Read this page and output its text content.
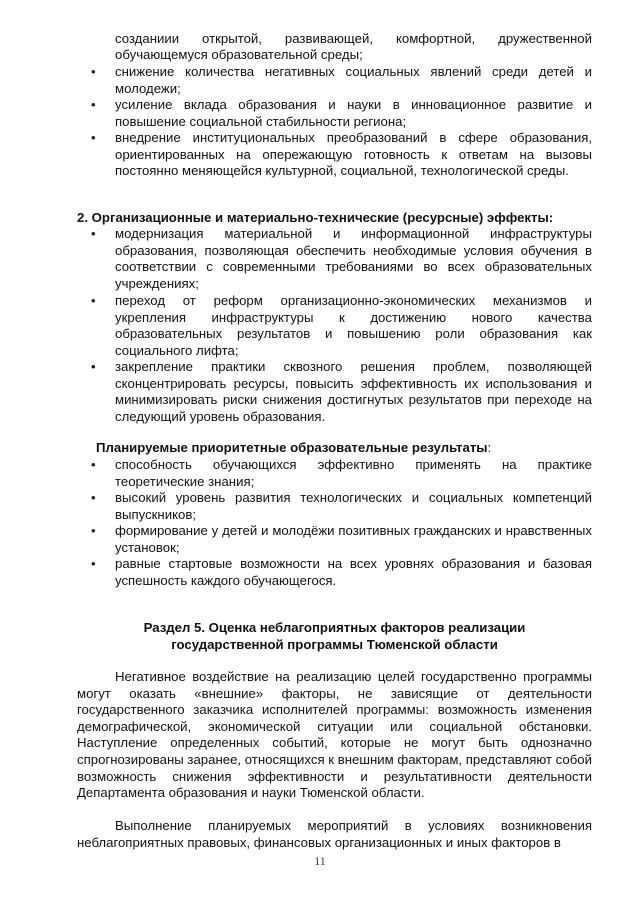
созданиии открытой, развивающей, комфортной, дружественной
обучающемуся образовательной среды;
•	снижение количества негативных социальных явлений среди детей и молодежи;
•	усиление вклада образования и науки в инновационное развитие и повышение социальной стабильности региона;
•	внедрение институциональных преобразований в сфере образования, ориентированных на опережающую готовность к ответам на вызовы постоянно меняющейся культурной, социальной, технологической среды.
2. Организационные и материально-технические (ресурсные) эффекты:
•	модернизация материальной и информационной инфраструктуры образования, позволяющая обеспечить необходимые условия обучения в соответствии с современными требованиями во всех образовательных учреждениях;
•	переход от реформ организационно-экономических механизмов и укрепления инфраструктуры к достижению нового качества образовательных результатов и повышению роли образования как социального лифта;
•	закрепление практики сквозного решения проблем, позволяющей сконцентрировать ресурсы, повысить эффективность их использования и минимизировать риски снижения достигнутых результатов при переходе на следующий уровень образования.
Планируемые приоритетные образовательные результаты:
•	способность обучающихся эффективно применять на практике теоретические знания;
•	высокий уровень развития технологических и социальных компетенций выпускников;
•	формирование у детей и молодёжи позитивных гражданских и нравственных установок;
•	равные стартовые возможности на всех уровнях образования и базовая успешность каждого обучающегося.
Раздел 5. Оценка неблагоприятных факторов реализации
государственной программы Тюменской области
Негативное воздействие на реализацию целей государственно программы могут оказать «внешние» факторы, не зависящие от деятельности государственного заказчика исполнителей программы: возможность изменения демографической, экономической ситуации или социальной обстановки. Наступление определенных событий, которые не могут быть однозначно спрогнозированы заранее, относящихся к внешним факторам, представляют собой возможность снижения эффективности и результативности деятельности Департамента образования и науки Тюменской области.
Выполнение планируемых мероприятий в условиях возникновения неблагоприятных правовых, финансовых организационных и иных факторов в
11
